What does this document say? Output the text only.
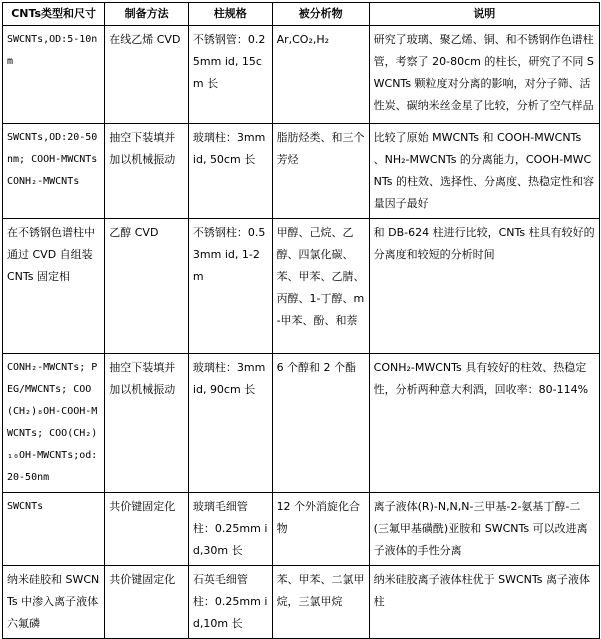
CNTs类型和尺寸	制备方法	柱规格	被分析物	说明
SWCNTs,OD:5-10nm	在线乙烯 CVD	不锈钢管：0.25mm id, 15cm 长	Ar,CO₂,H₂	研究了玻璃、聚乙烯、铜、和不锈钢作色谱柱管，考察了 20-80cm 的柱长，研究了不同 SWCNTs 颗粒度对分离的影响，对分子筛、活性炭、碳纳米丝金星了比较，分析了空气样品
SWCNTs,OD:20-50nm; COOH-MWCNTs CONH₂-MWCNTs	抽空下装填并加以机械振动	玻璃柱：3mm id, 50cm 长	脂肪烃类、和三个芳烃	比较了原始 MWCNTs 和 COOH-MWCNTs 、NH₂-MWCNTs 的分离能力，COOH-MWCNTs 的柱效、选择性、分离度、热稳定性和容量因子最好
在不锈钢色谱柱中通过 CVD 自组装 CNTs 固定相	乙醇 CVD	不锈钢柱：0.53mm id, 1-2m	甲醇、己烷、乙醇、四氯化碳、苯、甲苯、乙腈、丙醇、1-丁醇、m-甲苯、酚、和萘	和 DB-624 柱进行比较，CNTs 柱具有较好的分离度和较短的分析时间
CONH₂-MWCNTs; PEG/MWCNTs; COO(CH₂)₈OH-COOH-MWCNTs; COO(CH₂)₁₀OH-MWCNTs;od:20-50nm	抽空下装填并加以机械振动	玻璃柱：3mm id, 90cm 长	6 个醇和 2 个酯	CONH₂-MWCNTs 具有较好的柱效、热稳定性，分析两种意大利酒，回收率：80-114%
SWCNTs	共价键固定化	玻璃毛细管柱：0.25mm id,30m 长	12 个外消旋化合物	离子液体(R)-N,N,N-三甲基-2-氨基丁醇-二(三氟甲基磺酰)亚胺和 SWCNTs 可以改进离子液体的手性分离
纳米硅胶和 SWCNTs 中渗入离子液体六氟磷	共价键固定化	石英毛细管柱：0.25mm id,10m 长	苯、甲苯、二氯甲烷，三氯甲烷	纳米硅胶离子液体柱优于 SWCNTs 离子液体柱
